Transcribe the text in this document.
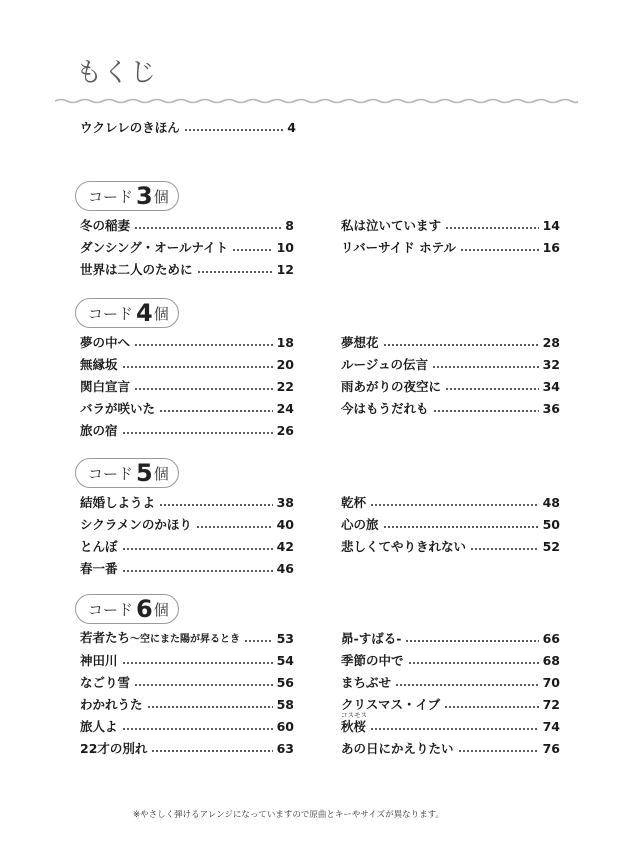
もくじ
ウクレレのきほん	4
コード 3 個
冬の稲妻	8
ダンシング・オールナイト	10
世界は二人のために	12
私は泣いています	14
リバーサイド ホテル	16
コード 4 個
夢の中へ	18
無縁坂	20
関白宣言	22
バラが咲いた	24
旅の宿	26
夢想花	28
ルージュの伝言	32
雨あがりの夜空に	34
今はもうだれも	36
コード 5 個
結婚しようよ	38
シクラメンのかほり	40
とんぼ	42
春一番	46
乾杯	48
心の旅	50
悲しくてやりきれない	52
コード 6 個
若者たち～空にまた陽が昇るとき	53
神田川	54
なごり雪	56
わかれうた	58
旅人よ	60
22才の別れ	63
昴-すばる-	66
季節の中で	68
まちぶせ	70
クリスマス・イブ	72
コスモス
秋桜	74
あの日にかえりたい	76
※やさしく弾けるアレンジになっていますので原曲とキーやサイズが異なります。
